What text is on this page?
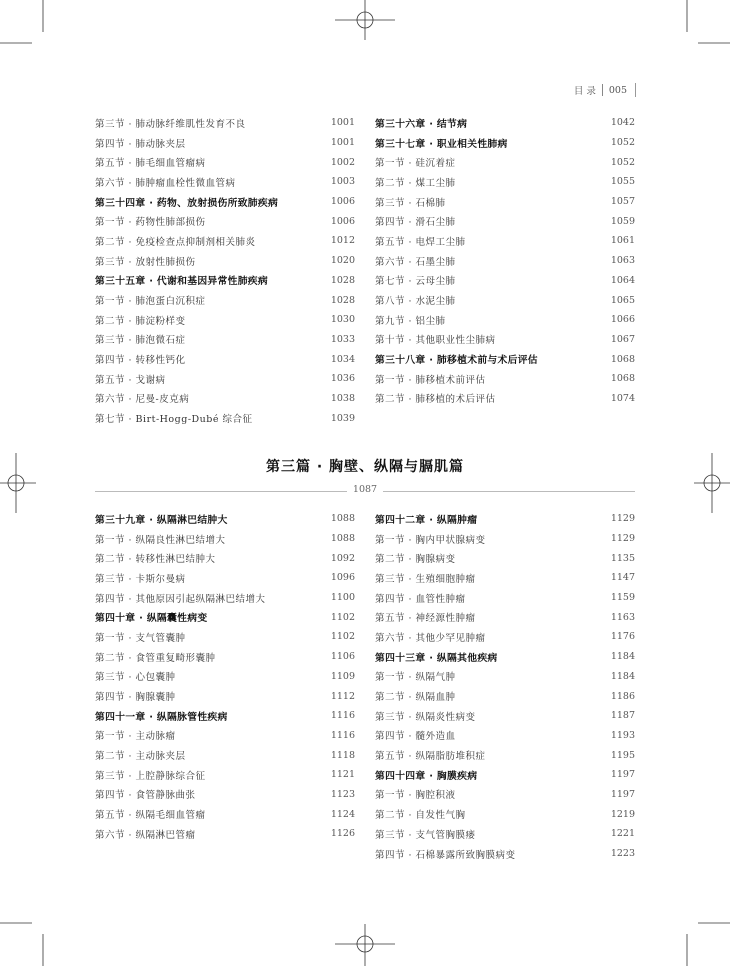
目 录 005
第三节 · 肺动脉纤维肌性发育不良	1001
第四节 · 肺动脉夹层	1001
第五节 · 肺毛细血管瘤病	1002
第六节 · 肺肿瘤血栓性微血管病	1003
第三十四章 · 药物、放射损伤所致肺疾病	1006
第一节 · 药物性肺部损伤	1006
第二节 · 免疫检查点抑制剂相关肺炎	1012
第三节 · 放射性肺损伤	1020
第三十五章 · 代谢和基因异常性肺疾病	1028
第一节 · 肺泡蛋白沉积症	1028
第二节 · 肺淀粉样变	1030
第三节 · 肺泡微石症	1033
第四节 · 转移性钙化	1034
第五节 · 戈谢病	1036
第六节 · 尼曼-皮克病	1038
第七节 · Birt-Hogg-Dubé 综合征	1039
第三十六章 · 结节病	1042
第三十七章 · 职业相关性肺病	1052
第一节 · 硅沉着症	1052
第二节 · 煤工尘肺	1055
第三节 · 石棉肺	1057
第四节 · 滑石尘肺	1059
第五节 · 电焊工尘肺	1061
第六节 · 石墨尘肺	1063
第七节 · 云母尘肺	1064
第八节 · 水泥尘肺	1065
第九节 · 铝尘肺	1066
第十节 · 其他职业性尘肺病	1067
第三十八章 · 肺移植术前与术后评估	1068
第一节 · 肺移植术前评估	1068
第二节 · 肺移植的术后评估	1074
第三篇 · 胸壁、纵隔与膈肌篇
1087
第三十九章 · 纵隔淋巴结肿大	1088
第一节 · 纵隔良性淋巴结增大	1088
第二节 · 转移性淋巴结肿大	1092
第三节 · 卡斯尔曼病	1096
第四节 · 其他原因引起纵隔淋巴结增大	1100
第四十章 · 纵隔囊性病变	1102
第一节 · 支气管囊肿	1102
第二节 · 食管重复畸形囊肿	1106
第三节 · 心包囊肿	1109
第四节 · 胸腺囊肿	1112
第四十一章 · 纵隔脉管性疾病	1116
第一节 · 主动脉瘤	1116
第二节 · 主动脉夹层	1118
第三节 · 上腔静脉综合征	1121
第四节 · 食管静脉曲张	1123
第五节 · 纵隔毛细血管瘤	1124
第六节 · 纵隔淋巴管瘤	1126
第四十二章 · 纵隔肿瘤	1129
第一节 · 胸内甲状腺病变	1129
第二节 · 胸腺病变	1135
第三节 · 生殖细胞肿瘤	1147
第四节 · 血管性肿瘤	1159
第五节 · 神经源性肿瘤	1163
第六节 · 其他少罕见肿瘤	1176
第四十三章 · 纵隔其他疾病	1184
第一节 · 纵隔气肿	1184
第二节 · 纵隔血肿	1186
第三节 · 纵隔炎性病变	1187
第四节 · 髓外造血	1193
第五节 · 纵隔脂肪堆积症	1195
第四十四章 · 胸膜疾病	1197
第一节 · 胸腔积液	1197
第二节 · 自发性气胸	1219
第三节 · 支气管胸膜瘘	1221
第四节 · 石棉暴露所致胸膜病变	1223
